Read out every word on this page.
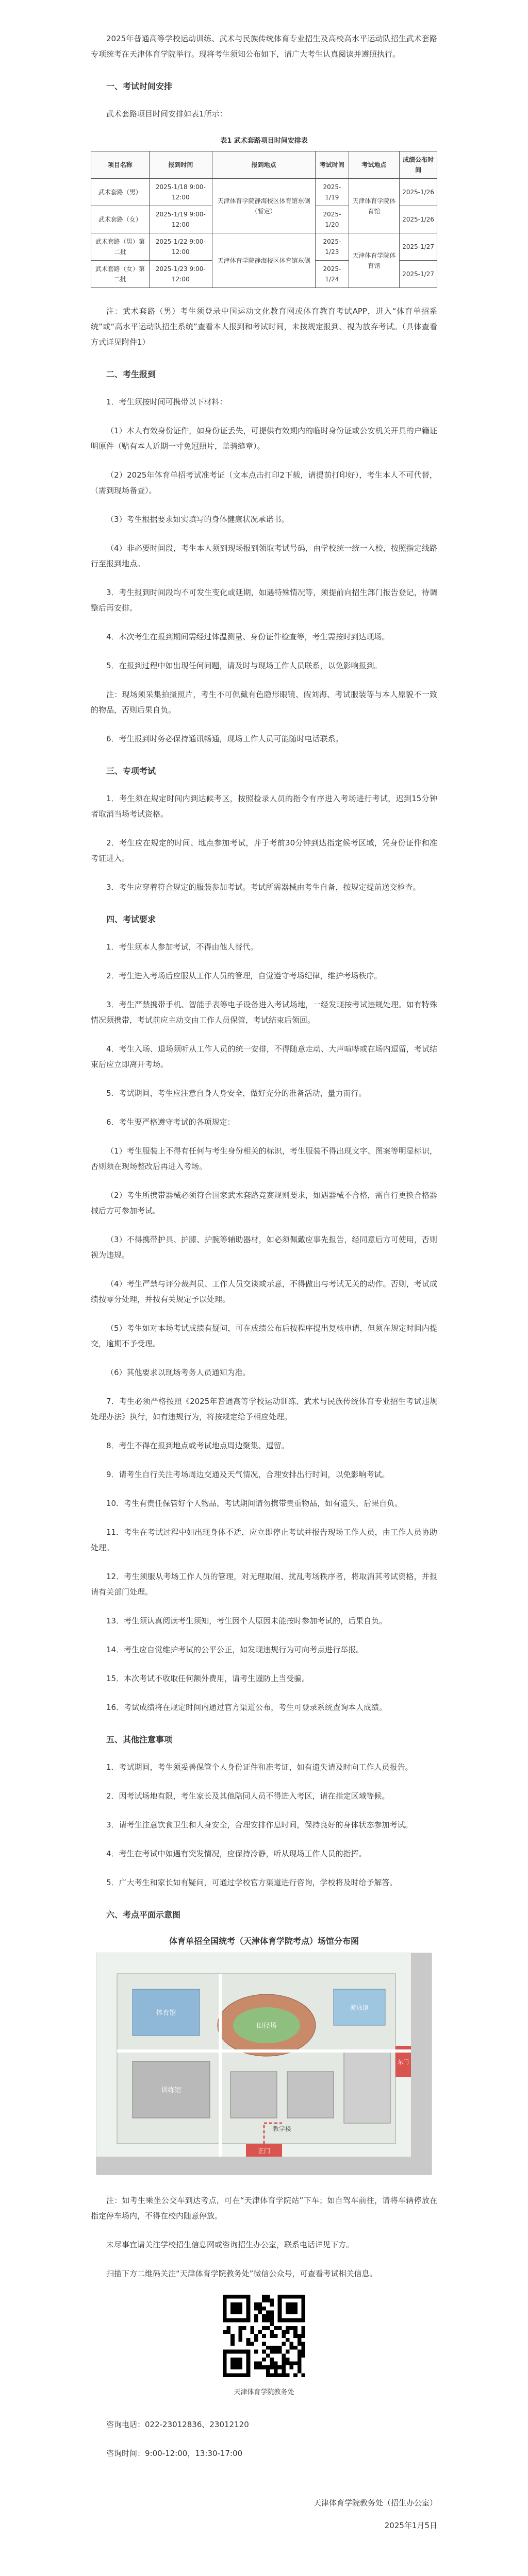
2025年普通高等学校运动训练、武术与民族传统体育专业招生及高校高水平运动队招生武术套路专项统考在天津体育学院举行。现将考生须知公布如下，请广大考生认真阅读并遵照执行。

一、考试时间安排

武术套路项目时间安排如表1所示：

表1 武术套路项目时间安排表
项目名称	报到时间	报到地点	考试时间	考试地点	成绩公布时间
武术套路（男）	2025-1/18 9:00-12:00	天津体育学院静海校区体育馆东侧（暂定）	2025-1/19	天津体育学院体育馆	2025-1/26
武术套路（女）	2025-1/19 9:00-12:00		2025-1/20		2025-1/26
武术套路（男）第二批	2025-1/22 9:00-12:00	天津体育学院静海校区体育馆东侧	2025-1/23	天津体育学院体育馆	2025-1/27
武术套路（女）第二批	2025-1/23 9:00-12:00		2025-1/24		2025-1/27

注：武术套路（男）考生须登录中国运动文化教育网或体育教育考试APP，进入“体育单招系统”或“高水平运动队招生系统”查看本人报到和考试时间，未按规定报到、视为放弃考试。（具体查看方式详见附件1）

二、考生报到

1．考生须按时间可携带以下材料：

（1）本人有效身份证件，如身份证丢失，可提供有效期内的临时身份证或公安机关开具的户籍证明原件（贴有本人近期一寸免冠照片，盖骑缝章）。

（2）2025年体育单招考试准考证（文本点击打印2下载，请提前打印好），考生本人不可代替，（需到现场备查）。

（3）考生根据要求如实填写的身体健康状况承诺书。

（4）非必要时间段，考生本人须到现场报到领取考试号码，由学校统一统一入校，按照指定线路行至报到地点。

3．考生报到时间段均不可发生变化或延期，如遇特殊情况等，须提前向招生部门报告登记，待调整后再安排。

4．本次考生在报到期间需经过体温测量、身份证件检查等，考生需按时到达现场。

5．在报到过程中如出现任何问题，请及时与现场工作人员联系，以免影响报到。

注：现场须采集拍摄照片，考生不可佩戴有色隐形眼镜、假刘海、考试服装等与本人原貌不一致的物品，否则后果自负。

6．考生报到时务必保持通讯畅通，现场工作人员可能随时电话联系。

三、专项考试

1．考生须在规定时间内到达候考区，按照检录人员的指令有序进入考场进行考试，迟到15分钟者取消当场考试资格。

2．考生应在规定的时间、地点参加考试，并于考前30分钟到达指定候考区域，凭身份证件和准考证进入。

3．考生应穿着符合规定的服装参加考试。考试所需器械由考生自备，按规定提前送交检查。

四、考试要求

1．考生须本人参加考试，不得由他人替代。

2．考生进入考场后应服从工作人员的管理，自觉遵守考场纪律，维护考场秩序。

3．考生严禁携带手机、智能手表等电子设备进入考试场地，一经发现按考试违规处理。如有特殊情况须携带，考试前应主动交由工作人员保管，考试结束后领回。

4．考生入场、退场须听从工作人员的统一安排，不得随意走动、大声喧哗或在场内逗留，考试结束后应立即离开考场。

5．考试期间，考生应注意自身人身安全，做好充分的准备活动，量力而行。

6．考生要严格遵守考试的各项规定：

（1）考生服装上不得有任何与考生身份相关的标识，考生服装不得出现文字、图案等明显标识，否则须在现场整改后再进入考场。

（2）考生所携带器械必须符合国家武术套路竞赛规则要求，如遇器械不合格，需自行更换合格器械后方可参加考试。

（3）不得携带护具、护膝、护腕等辅助器材，如必须佩戴应事先报告，经同意后方可使用，否则视为违规。

（4）考生严禁与评分裁判员、工作人员交谈或示意，不得做出与考试无关的动作。否则，考试成绩按零分处理，并按有关规定予以处理。

（5）考生如对本场考试成绩有疑问，可在成绩公布后按程序提出复核申请，但须在规定时间内提交，逾期不予受理。

（6）其他要求以现场考务人员通知为准。

7．考生必须严格按照《2025年普通高等学校运动训练、武术与民族传统体育专业招生考试违规处理办法》执行，如有违规行为，将按规定给予相应处理。

8．考生不得在报到地点或考试地点周边聚集、逗留。

9．请考生自行关注考场周边交通及天气情况，合理安排出行时间，以免影响考试。

10．考生有责任保管好个人物品，考试期间请勿携带贵重物品，如有遗失，后果自负。

11．考生在考试过程中如出现身体不适，应立即停止考试并报告现场工作人员，由工作人员协助处理。

12．考生须服从考场工作人员的管理，对无理取闹、扰乱考场秩序者，将取消其考试资格，并报请有关部门处理。

13．考生须认真阅读考生须知，考生因个人原因未能按时参加考试的，后果自负。

14．考生应自觉维护考试的公平公正，如发现违规行为可向考点进行举报。

15．本次考试不收取任何额外费用，请考生谨防上当受骗。

16．考试成绩将在规定时间内通过官方渠道公布，考生可登录系统查询本人成绩。

五、其他注意事项

1．考试期间，考生须妥善保管个人身份证件和准考证，如有遗失请及时向工作人员报告。

2．因考试场地有限，考生家长及其他陪同人员不得进入考区，请在指定区域等候。

3．请考生注意饮食卫生和人身安全，合理安排作息时间，保持良好的身体状态参加考试。

4．考生在考试中如遇有突发情况，应保持冷静，听从现场工作人员的指挥。

5．广大考生和家长如有疑问，可通过学校官方渠道进行咨询，学校将及时给予解答。

六、考点平面示意图
体育单招全国统考（天津体育学院考点）场馆分布图
体育馆
田径场
游泳馆
训练馆
教学楼
正门
东门

注：如考生乘坐公交车到达考点，可在“天津体育学院站”下车；如自驾车前往，请将车辆停放在指定停车场内，不得在校内随意停放。

未尽事宜请关注学校招生信息网或咨询招生办公室，联系电话详见下方。

扫描下方二维码关注“天津体育学院教务处”微信公众号，可查看考试相关信息。

天津体育学院教务处

咨询电话：022-23012836、23012120

咨询时间：9:00-12:00，13:30-17:00

天津体育学院教务处（招生办公室）
2025年1月5日
